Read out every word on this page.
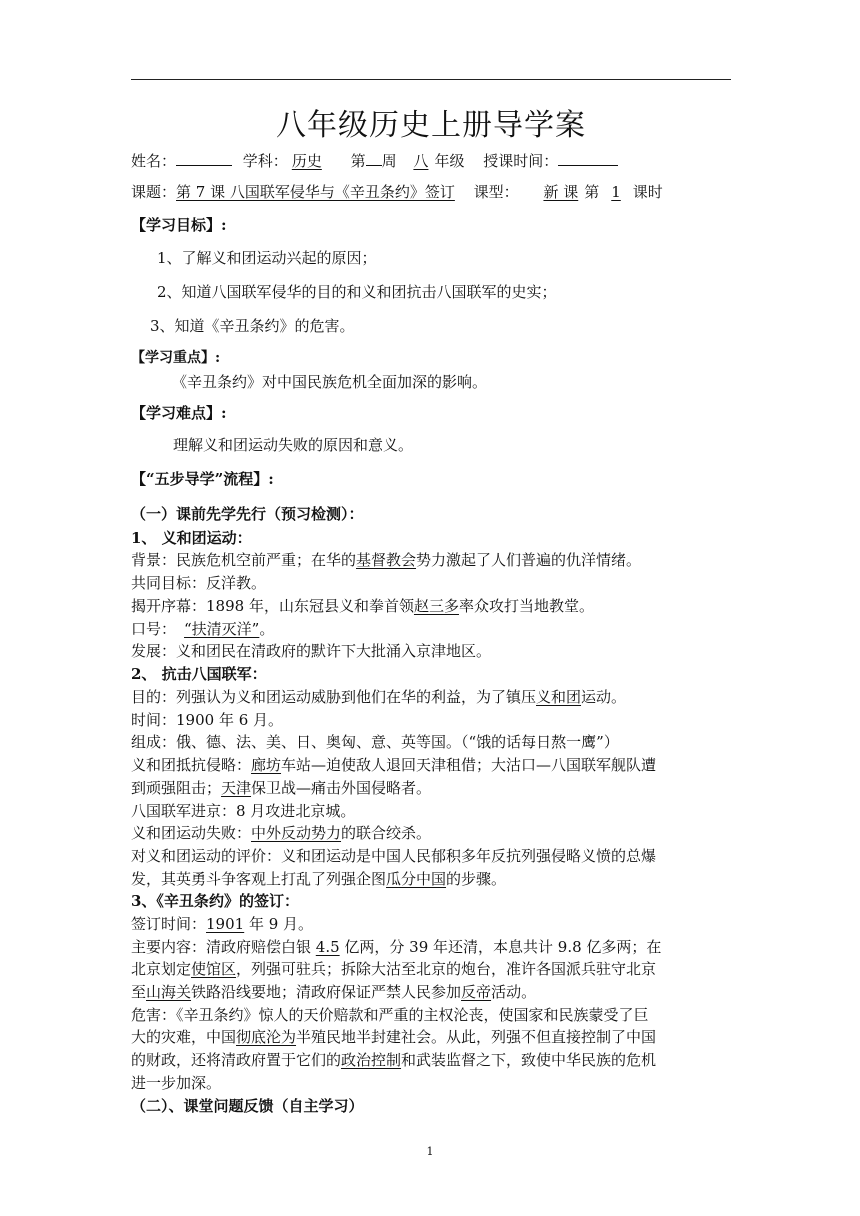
八年级历史上册导学案
姓名：	学科： 历史 第 周 八 年级 授课时间：
课题：第 7 课 八国联军侵华与《辛丑条约》签订 课型： 新 课 第 1 课时
【学习目标】:
1、了解义和团运动兴起的原因；
2、知道八国联军侵华的目的和义和团抗击八国联军的史实；
3、知道《辛丑条约》的危害。
【学习重点】:
《辛丑条约》对中国民族危机全面加深的影响。
【学习难点】:
理解义和团运动失败的原因和意义。
【“五步导学”流程】:
（一）课前先学先行（预习检测）：
1、 义和团运动：
背景：民族危机空前严重；在华的基督教会势力激起了人们普遍的仇洋情绪。
共同目标：反洋教。
揭开序幕：1898 年，山东冠县义和拳首领赵三多率众攻打当地教堂。
口号： “扶清灭洋”。
发展：义和团民在清政府的默许下大批涌入京津地区。
2、 抗击八国联军：
目的：列强认为义和团运动威胁到他们在华的利益，为了镇压义和团运动。
时间：1900 年 6 月。
组成：俄、德、法、美、日、奥匈、意、英等国。（“饿的话每日熬一鹰”）
义和团抵抗侵略：廊坊车站—迫使敌人退回天津租借；大沽口—八国联军舰队遭
到顽强阻击；天津保卫战—痛击外国侵略者。
八国联军进京：8 月攻进北京城。
义和团运动失败：中外反动势力的联合绞杀。
对义和团运动的评价：义和团运动是中国人民郁积多年反抗列强侵略义愤的总爆
发，其英勇斗争客观上打乱了列强企图瓜分中国的步骤。
3、《辛丑条约》的签订：
签订时间：1901 年 9 月。
主要内容：清政府赔偿白银 4.5 亿两，分 39 年还清，本息共计 9.8 亿多两；在
北京划定使馆区，列强可驻兵；拆除大沽至北京的炮台，准许各国派兵驻守北京
至山海关铁路沿线要地；清政府保证严禁人民参加反帝活动。
危害：《辛丑条约》惊人的天价赔款和严重的主权沦丧，使国家和民族蒙受了巨
大的灾难，中国彻底沦为半殖民地半封建社会。从此，列强不但直接控制了中国
的财政，还将清政府置于它们的政治控制和武装监督之下，致使中华民族的危机
进一步加深。
（二）、课堂问题反馈（自主学习）
1
